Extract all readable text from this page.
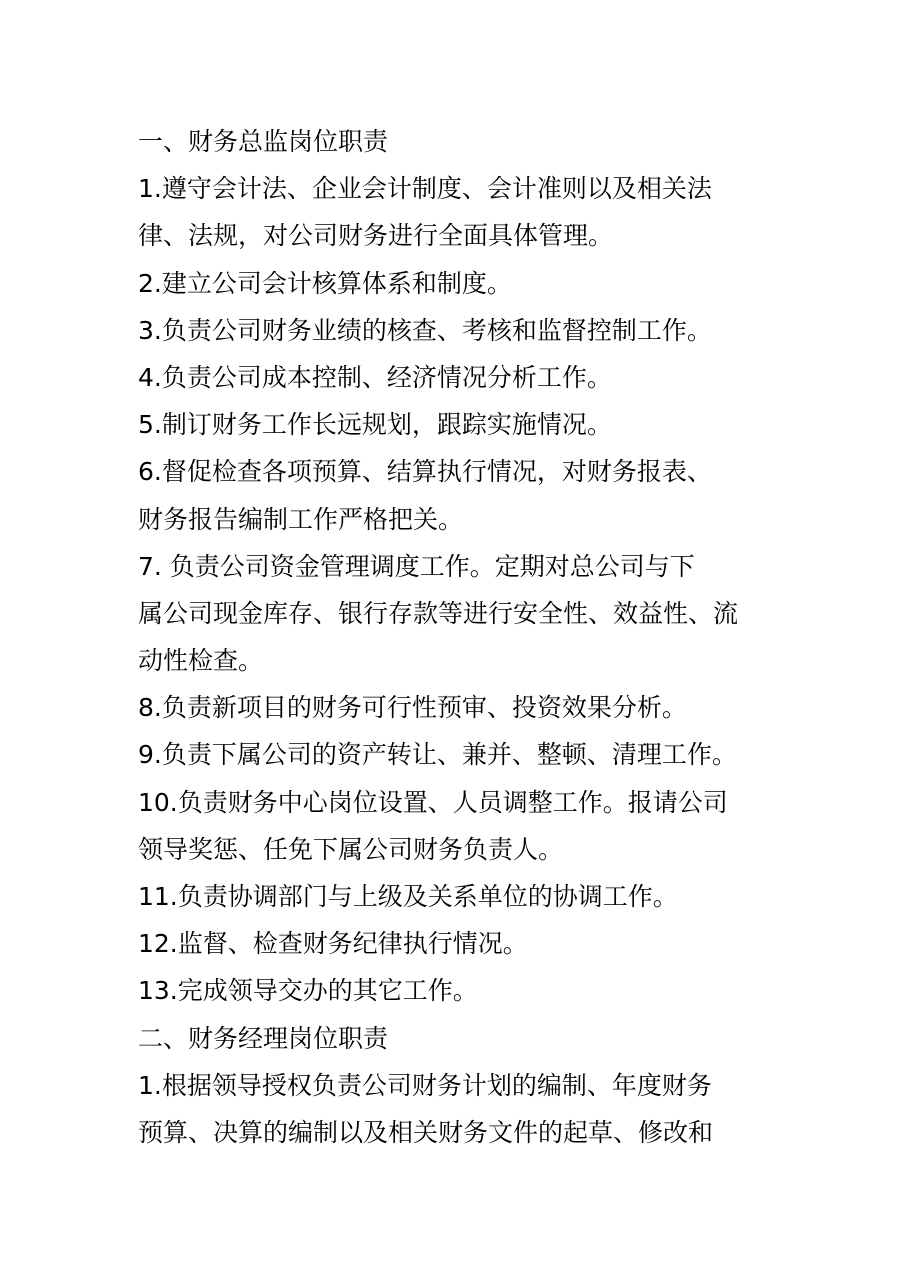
一、财务总监岗位职责
1.遵守会计法、企业会计制度、会计准则以及相关法
律、法规，对公司财务进行全面具体管理。
2.建立公司会计核算体系和制度。
3.负责公司财务业绩的核查、考核和监督控制工作。
4.负责公司成本控制、经济情况分析工作。
5.制订财务工作长远规划，跟踪实施情况。
6.督促检查各项预算、结算执行情况，对财务报表、
财务报告编制工作严格把关。
7. 负责公司资金管理调度工作。定期对总公司与下
属公司现金库存、银行存款等进行安全性、效益性、流
动性检查。
8.负责新项目的财务可行性预审、投资效果分析。
9.负责下属公司的资产转让、兼并、整顿、清理工作。
10.负责财务中心岗位设置、人员调整工作。报请公司
领导奖惩、任免下属公司财务负责人。
11.负责协调部门与上级及关系单位的协调工作。
12.监督、检查财务纪律执行情况。
13.完成领导交办的其它工作。
二、财务经理岗位职责
1.根据领导授权负责公司财务计划的编制、年度财务
预算、决算的编制以及相关财务文件的起草、修改和
